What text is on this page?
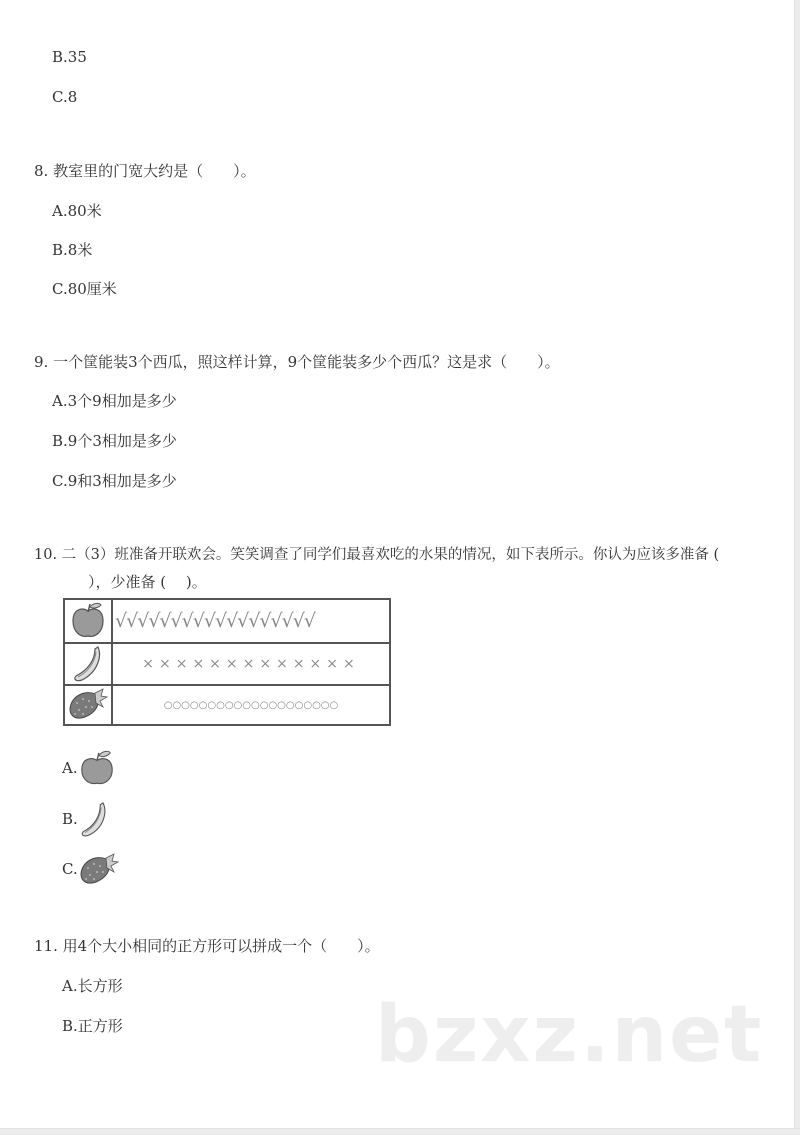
B.35
C.8
8. 教室里的门宽大约是（　　）。
A.80米
B.8米
C.80厘米
9. 一个筐能装3个西瓜，照这样计算，9个筐能装多少个西瓜？这是求（　　）。
A.3个9相加是多少
B.9个3相加是多少
C.9和3相加是多少
10. 二（3）班准备开联欢会。笑笑调查了同学们最喜欢吃的水果的情况，如下表所示。你认为应该多准备 (
），少准备 (　 )。
√√√√√√√√√√√√√√√√√√
×××××××××××××
○○○○○○○○○○○○○○○○○○○○
A.
B.
C.
11. 用4个大小相同的正方形可以拼成一个（　　）。
A.长方形
B.正方形	bzxz.net
